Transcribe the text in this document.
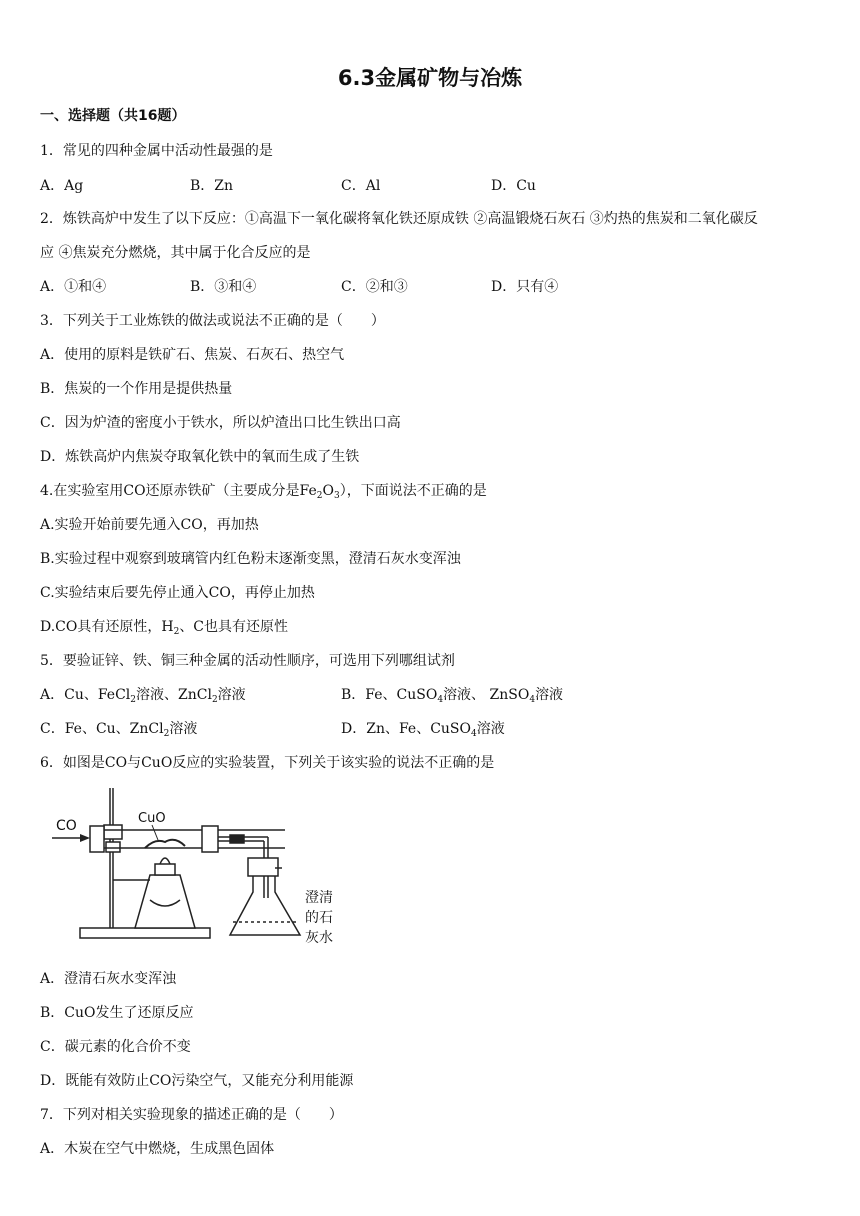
6.3金属矿物与冶炼
一、选择题（共16题）
1．常见的四种金属中活动性最强的是
A．Ag	B．Zn	C．Al	D．Cu
2．炼铁高炉中发生了以下反应：①高温下一氧化碳将氧化铁还原成铁 ②高温锻烧石灰石 ③灼热的焦炭和二氧化碳反
应 ④焦炭充分燃烧，其中属于化合反应的是
A．①和④	B．③和④	C．②和③	D．只有④
3．下列关于工业炼铁的做法或说法不正确的是（　　）
A．使用的原料是铁矿石、焦炭、石灰石、热空气
B．焦炭的一个作用是提供热量
C．因为炉渣的密度小于铁水，所以炉渣出口比生铁出口高
D．炼铁高炉内焦炭夺取氧化铁中的氧而生成了生铁
4.在实验室用CO还原赤铁矿（主要成分是$Fe_2O_3$），下面说法不正确的是
A.实验开始前要先通入CO，再加热
B.实验过程中观察到玻璃管内红色粉末逐渐变黑，澄清石灰水变浑浊
C.实验结束后要先停止通入CO，再停止加热
D.CO具有还原性，$H_2$、C也具有还原性
5．要验证锌、铁、铜三种金属的活动性顺序，可选用下列哪组试剂
A．Cu、FeCl$_2$溶液、ZnCl$_2$溶液	B．Fe、CuSO$_4$溶液、 ZnSO$_4$溶液
C．Fe、Cu、ZnCl$_2$溶液	D．Zn、Fe、CuSO$_4$溶液
6．如图是CO与CuO反应的实验装置，下列关于该实验的说法不正确的是
CO	CuO
澄清
的石
灰水
A．澄清石灰水变浑浊
B．CuO发生了还原反应
C．碳元素的化合价不变
D．既能有效防止CO污染空气，又能充分利用能源
7．下列对相关实验现象的描述正确的是（　　）
A．木炭在空气中燃烧，生成黑色固体
